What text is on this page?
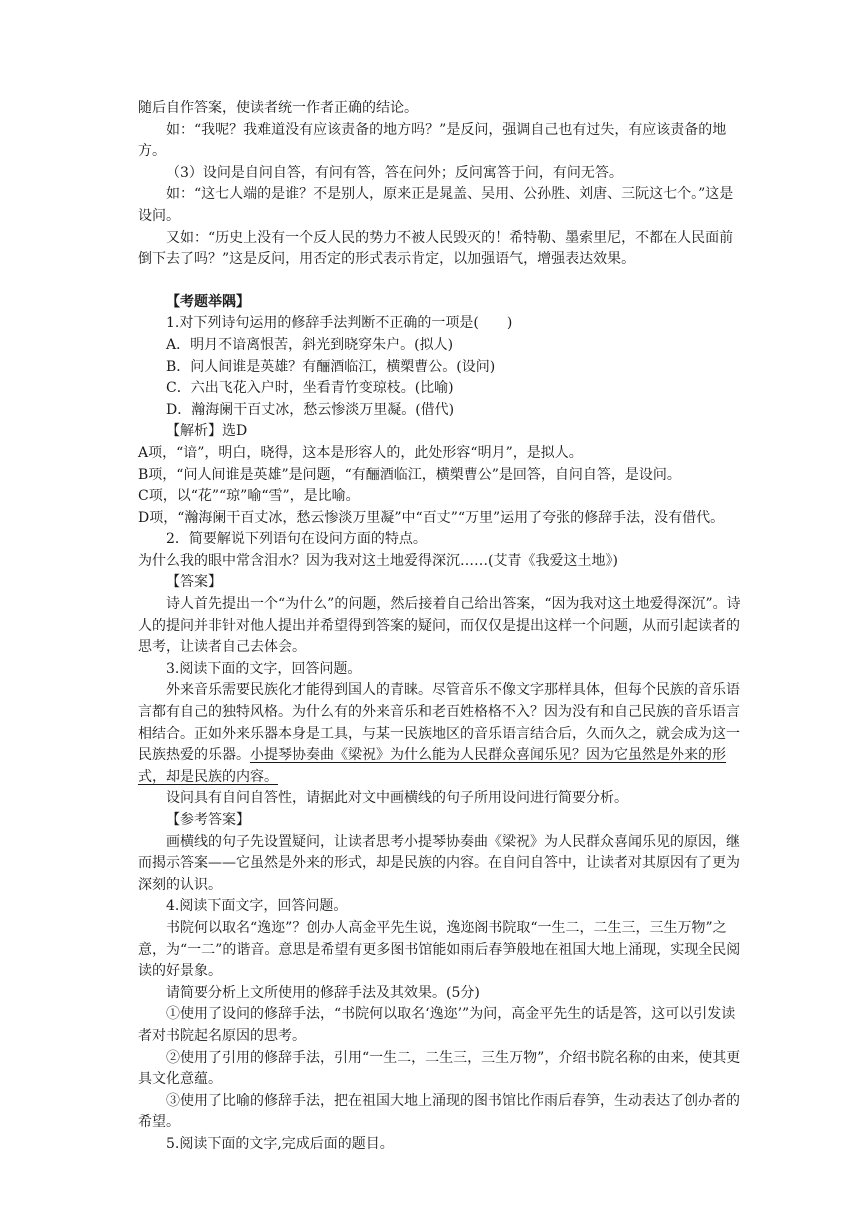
随后自作答案，使读者统一作者正确的结论。

如：“我呢？我难道没有应该责备的地方吗？”是反问，强调自己也有过失，有应该责备的地方。

（3）设问是自问自答，有问有答，答在问外；反问寓答于问，有问无答。

如：“这七人端的是谁？不是别人，原来正是晁盖、吴用、公孙胜、刘唐、三阮这七个。”这是设问。

又如：“历史上没有一个反人民的势力不被人民毁灭的！希特勒、墨索里尼，不都在人民面前倒下去了吗？”这是反问，用否定的形式表示肯定，以加强语气，增强表达效果。

【考题举隅】

1.对下列诗句运用的修辞手法判断不正确的一项是(　　)

A．明月不谙离恨苦，斜光到晓穿朱户。(拟人)

B．问人间谁是英雄？有酾酒临江，横槊曹公。(设问)

C．六出飞花入户时，坐看青竹变琼枝。(比喻)

D．瀚海阑干百丈冰，愁云惨淡万里凝。(借代)

【解析】选D

A项，“谙”，明白，晓得，这本是形容人的，此处形容“明月”，是拟人。

B项，“问人间谁是英雄”是问题，“有酾酒临江，横槊曹公”是回答，自问自答，是设问。

C项，以“花”“琼”喻“雪”，是比喻。

D项，“瀚海阑干百丈冰，愁云惨淡万里凝”中“百丈”“万里”运用了夸张的修辞手法，没有借代。

2．简要解说下列语句在设问方面的特点。

为什么我的眼中常含泪水？因为我对这土地爱得深沉……(艾青《我爱这土地》)

【答案】

诗人首先提出一个“为什么”的问题，然后接着自己给出答案，“因为我对这土地爱得深沉”。诗人的提问并非针对他人提出并希望得到答案的疑问，而仅仅是提出这样一个问题，从而引起读者的思考，让读者自己去体会。

3.阅读下面的文字，回答问题。

外来音乐需要民族化才能得到国人的青睐。尽管音乐不像文字那样具体，但每个民族的音乐语言都有自己的独特风格。为什么有的外来音乐和老百姓格格不入？因为没有和自己民族的音乐语言相结合。正如外来乐器本身是工具，与某一民族地区的音乐语言结合后，久而久之，就会成为这一民族热爱的乐器。小提琴协奏曲《梁祝》为什么能为人民群众喜闻乐见？因为它虽然是外来的形式，却是民族的内容。

设问具有自问自答性，请据此对文中画横线的句子所用设问进行简要分析。

【参考答案】

画横线的句子先设置疑问，让读者思考小提琴协奏曲《梁祝》为人民群众喜闻乐见的原因，继而揭示答案——它虽然是外来的形式，却是民族的内容。在自问自答中，让读者对其原因有了更为深刻的认识。

4.阅读下面文字，回答问题。

书院何以取名“逸迩”？创办人高金平先生说，逸迩阁书院取“一生二，二生三，三生万物”之意，为“一二”的谐音。意思是希望有更多图书馆能如雨后春笋般地在祖国大地上涌现，实现全民阅读的好景象。

请简要分析上文所使用的修辞手法及其效果。(5分)

①使用了设问的修辞手法，“书院何以取名‘逸迩’”为问，高金平先生的话是答，这可以引发读者对书院起名原因的思考。

②使用了引用的修辞手法，引用“一生二，二生三，三生万物”，介绍书院名称的由来，使其更具文化意蕴。

③使用了比喻的修辞手法，把在祖国大地上涌现的图书馆比作雨后春笋，生动表达了创办者的希望。

5.阅读下面的文字,完成后面的题目。
